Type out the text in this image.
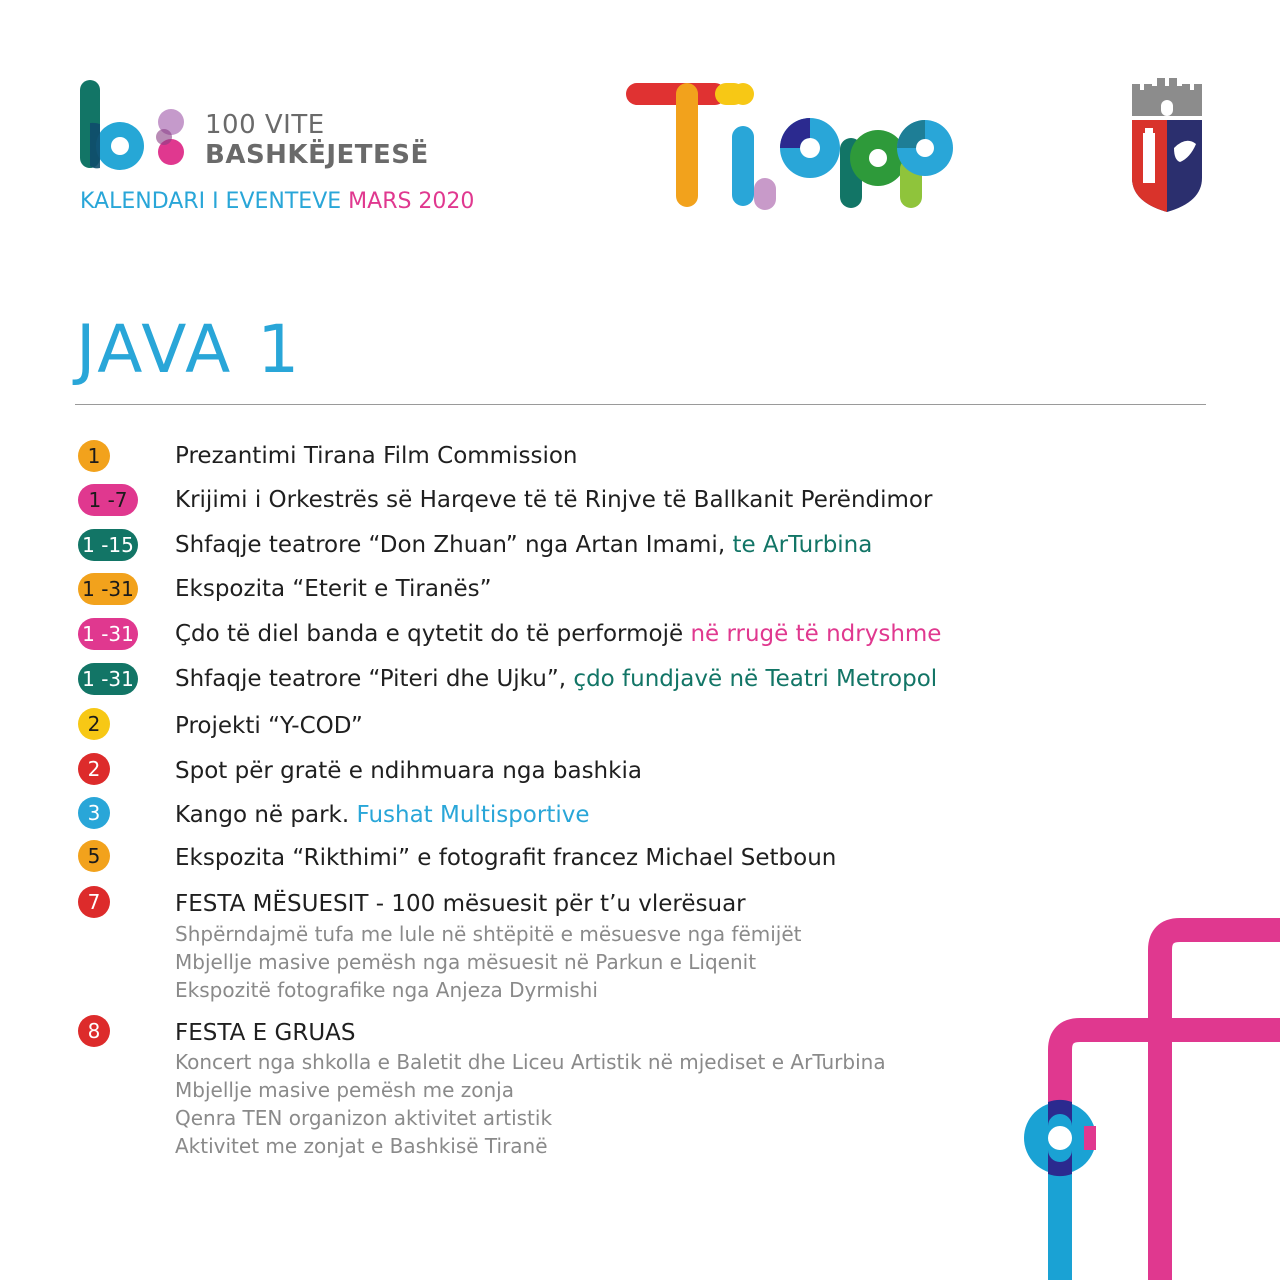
100 VITE
BASHKËJETESË
KALENDARI I EVENTEVE MARS 2020
JAVA 1
1	Prezantimi Tirana Film Commission
1 -7	Krijimi i Orkestrës së Harqeve të të Rinjve të Ballkanit Perëndimor
1 -15 Shfaqje teatrore “Don Zhuan” nga Artan Imami, te ArTurbina
1 -31 Ekspozita “Eterit e Tiranës”
1 -31 Çdo të diel banda e qytetit do të performojë në rrugë të ndryshme
1 -31 Shfaqje teatrore “Piteri dhe Ujku”, çdo fundjavë në Teatri Metropol
2	Projekti “Y-COD”
2	Spot për gratë e ndihmuara nga bashkia
3	Kango në park. Fushat Multisportive
5	Ekspozita “Rikthimi” e fotografit francez Michael Setboun
7	FESTA MËSUESIT - 100 mësuesit për t’u vlerësuar
Shpërndajmë tufa me lule në shtëpitë e mësuesve nga fëmijët
Mbjellje masive pemësh nga mësuesit në Parkun e Liqenit
Ekspozitë fotografike nga Anjeza Dyrmishi
8	FESTA E GRUAS
Koncert nga shkolla e Baletit dhe Liceu Artistik në mjediset e ArTurbina
Mbjellje masive pemësh me zonja
Qenra TEN organizon aktivitet artistik
Aktivitet me zonjat e Bashkisë Tiranë
